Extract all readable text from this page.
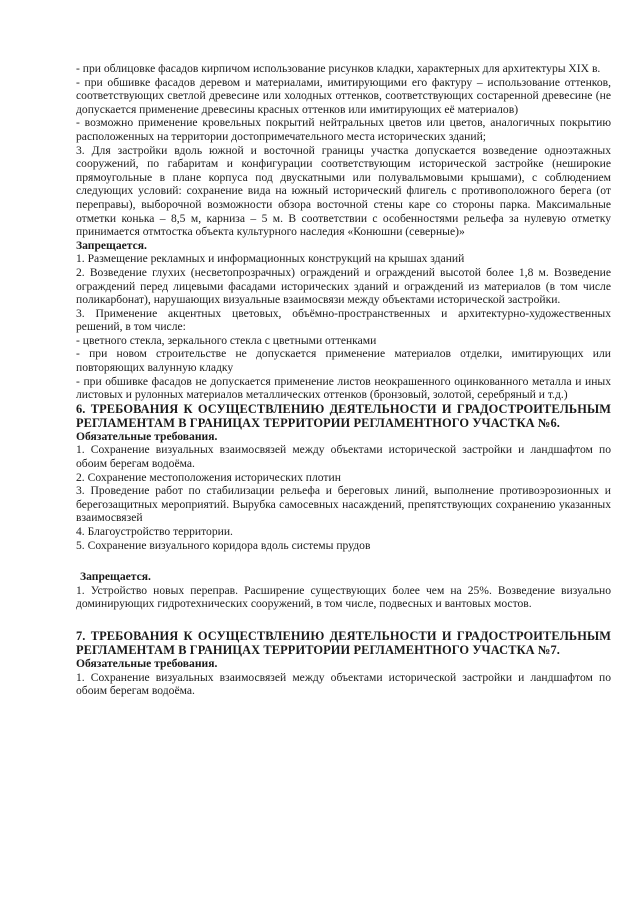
- при облицовке фасадов кирпичом использование рисунков кладки, характерных для архитектуры XIX в.

- при обшивке фасадов деревом и материалами, имитирующими его фактуру – использование оттенков, соответствующих светлой древесине или холодных оттенков, соответствующих состаренной древесине (не допускается применение древесины красных оттенков или имитирующих её материалов)

- возможно применение кровельных покрытий нейтральных цветов или цветов, аналогичных покрытию расположенных на территории достопримечательного места исторических зданий;

3. Для застройки вдоль южной и восточной границы участка допускается возведение одноэтажных сооружений, по габаритам и конфигурации соответствующим исторической застройке (неширокие прямоугольные в плане корпуса под двускатными или полувальмовыми крышами), с соблюдением следующих условий: сохранение вида на южный исторический флигель с противоположного берега (от переправы), выборочной возможности обзора восточной стены каре со стороны парка. Максимальные отметки конька – 8,5 м, карниза – 5 м. В соответствии с особенностями рельефа за нулевую отметку принимается отмтостка объекта культурного наследия «Конюшни (северные)»

Запрещается.

1. Размещение рекламных и информационных конструкций на крышах зданий

2. Возведение глухих (несветопрозрачных) ограждений и ограждений высотой более 1,8 м. Возведение ограждений перед лицевыми фасадами исторических зданий и ограждений из материалов (в том числе поликарбонат), нарушающих визуальные взаимосвязи между объектами исторической застройки.

3. Применение акцентных цветовых, объёмно-пространственных и архитектурно-художественных решений, в том числе:

- цветного стекла, зеркального стекла с цветными оттенками

- при новом строительстве не допускается применение материалов отделки, имитирующих или повторяющих валунную кладку

- при обшивке фасадов не допускается применение листов неокрашенного оцинкованного металла и иных листовых и рулонных материалов металлических оттенков (бронзовый, золотой, серебряный и т.д.)

6. ТРЕБОВАНИЯ К ОСУЩЕСТВЛЕНИЮ ДЕЯТЕЛЬНОСТИ И ГРАДОСТРОИТЕЛЬНЫМ РЕГЛАМЕНТАМ В ГРАНИЦАХ ТЕРРИТОРИИ РЕГЛАМЕНТНОГО УЧАСТКА №6.

Обязательные требования.

1. Сохранение визуальных взаимосвязей между объектами исторической застройки и ландшафтом по обоим берегам водоёма.

2. Сохранение местоположения исторических плотин

3. Проведение работ по стабилизации рельефа и береговых линий, выполнение противоэрозионных и берегозащитных мероприятий. Вырубка самосевных насаждений, препятствующих сохранению указанных взаимосвязей

4. Благоустройство территории.

5. Сохранение визуального коридора вдоль системы прудов

Запрещается.

1. Устройство новых переправ. Расширение существующих более чем на 25%. Возведение визуально доминирующих гидротехнических сооружений, в том числе, подвесных и вантовых мостов.

7. ТРЕБОВАНИЯ К ОСУЩЕСТВЛЕНИЮ ДЕЯТЕЛЬНОСТИ И ГРАДОСТРОИТЕЛЬНЫМ РЕГЛАМЕНТАМ В ГРАНИЦАХ ТЕРРИТОРИИ РЕГЛАМЕНТНОГО УЧАСТКА №7.

Обязательные требования.

1. Сохранение визуальных взаимосвязей между объектами исторической застройки и ландшафтом по обоим берегам водоёма.
